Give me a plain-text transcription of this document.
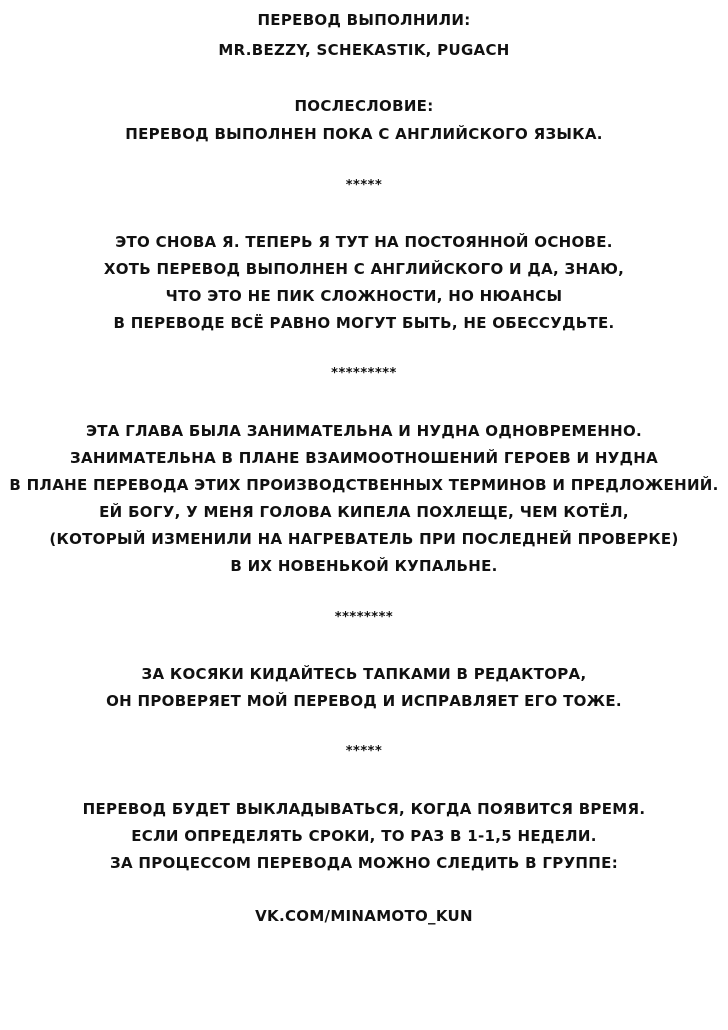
ПЕРЕВОД ВЫПОЛНИЛИ:
MR.BEZZY, SCHEKASTIK, PUGACH
ПОСЛЕСЛОВИЕ:
ПЕРЕВОД ВЫПОЛНЕН ПОКА С АНГЛИЙСКОГО ЯЗЫКА.
*****
ЭТО СНОВА Я. ТЕПЕРЬ Я ТУТ НА ПОСТОЯННОЙ ОСНОВЕ.
ХОТЬ ПЕРЕВОД ВЫПОЛНЕН С АНГЛИЙСКОГО И ДА, ЗНАЮ,
ЧТО ЭТО НЕ ПИК СЛОЖНОСТИ, НО НЮАНСЫ
В ПЕРЕВОДЕ ВСЁ РАВНО МОГУТ БЫТЬ, НЕ ОБЕССУДЬТЕ.
*********
ЭТА ГЛАВА БЫЛА ЗАНИМАТЕЛЬНА И НУДНА ОДНОВРЕМЕННО.
ЗАНИМАТЕЛЬНА В ПЛАНЕ ВЗАИМООТНОШЕНИЙ ГЕРОЕВ И НУДНА
В ПЛАНЕ ПЕРЕВОДА ЭТИХ ПРОИЗВОДСТВЕННЫХ ТЕРМИНОВ И ПРЕДЛОЖЕНИЙ.
ЕЙ БОГУ, У МЕНЯ ГОЛОВА КИПЕЛА ПОХЛЕЩЕ, ЧЕМ КОТЁЛ,
(КОТОРЫЙ ИЗМЕНИЛИ НА НАГРЕВАТЕЛЬ ПРИ ПОСЛЕДНЕЙ ПРОВЕРКЕ)
В ИХ НОВЕНЬКОЙ КУПАЛЬНЕ.
********
ЗА КОСЯКИ КИДАЙТЕСЬ ТАПКАМИ В РЕДАКТОРА,
ОН ПРОВЕРЯЕТ МОЙ ПЕРЕВОД И ИСПРАВЛЯЕТ ЕГО ТОЖЕ.
*****
ПЕРЕВОД БУДЕТ ВЫКЛАДЫВАТЬСЯ, КОГДА ПОЯВИТСЯ ВРЕМЯ.
ЕСЛИ ОПРЕДЕЛЯТЬ СРОКИ, ТО РАЗ В 1-1,5 НЕДЕЛИ.
ЗА ПРОЦЕССОМ ПЕРЕВОДА МОЖНО СЛЕДИТЬ В ГРУППЕ:
VK.COM/MINAMOTO_KUN
